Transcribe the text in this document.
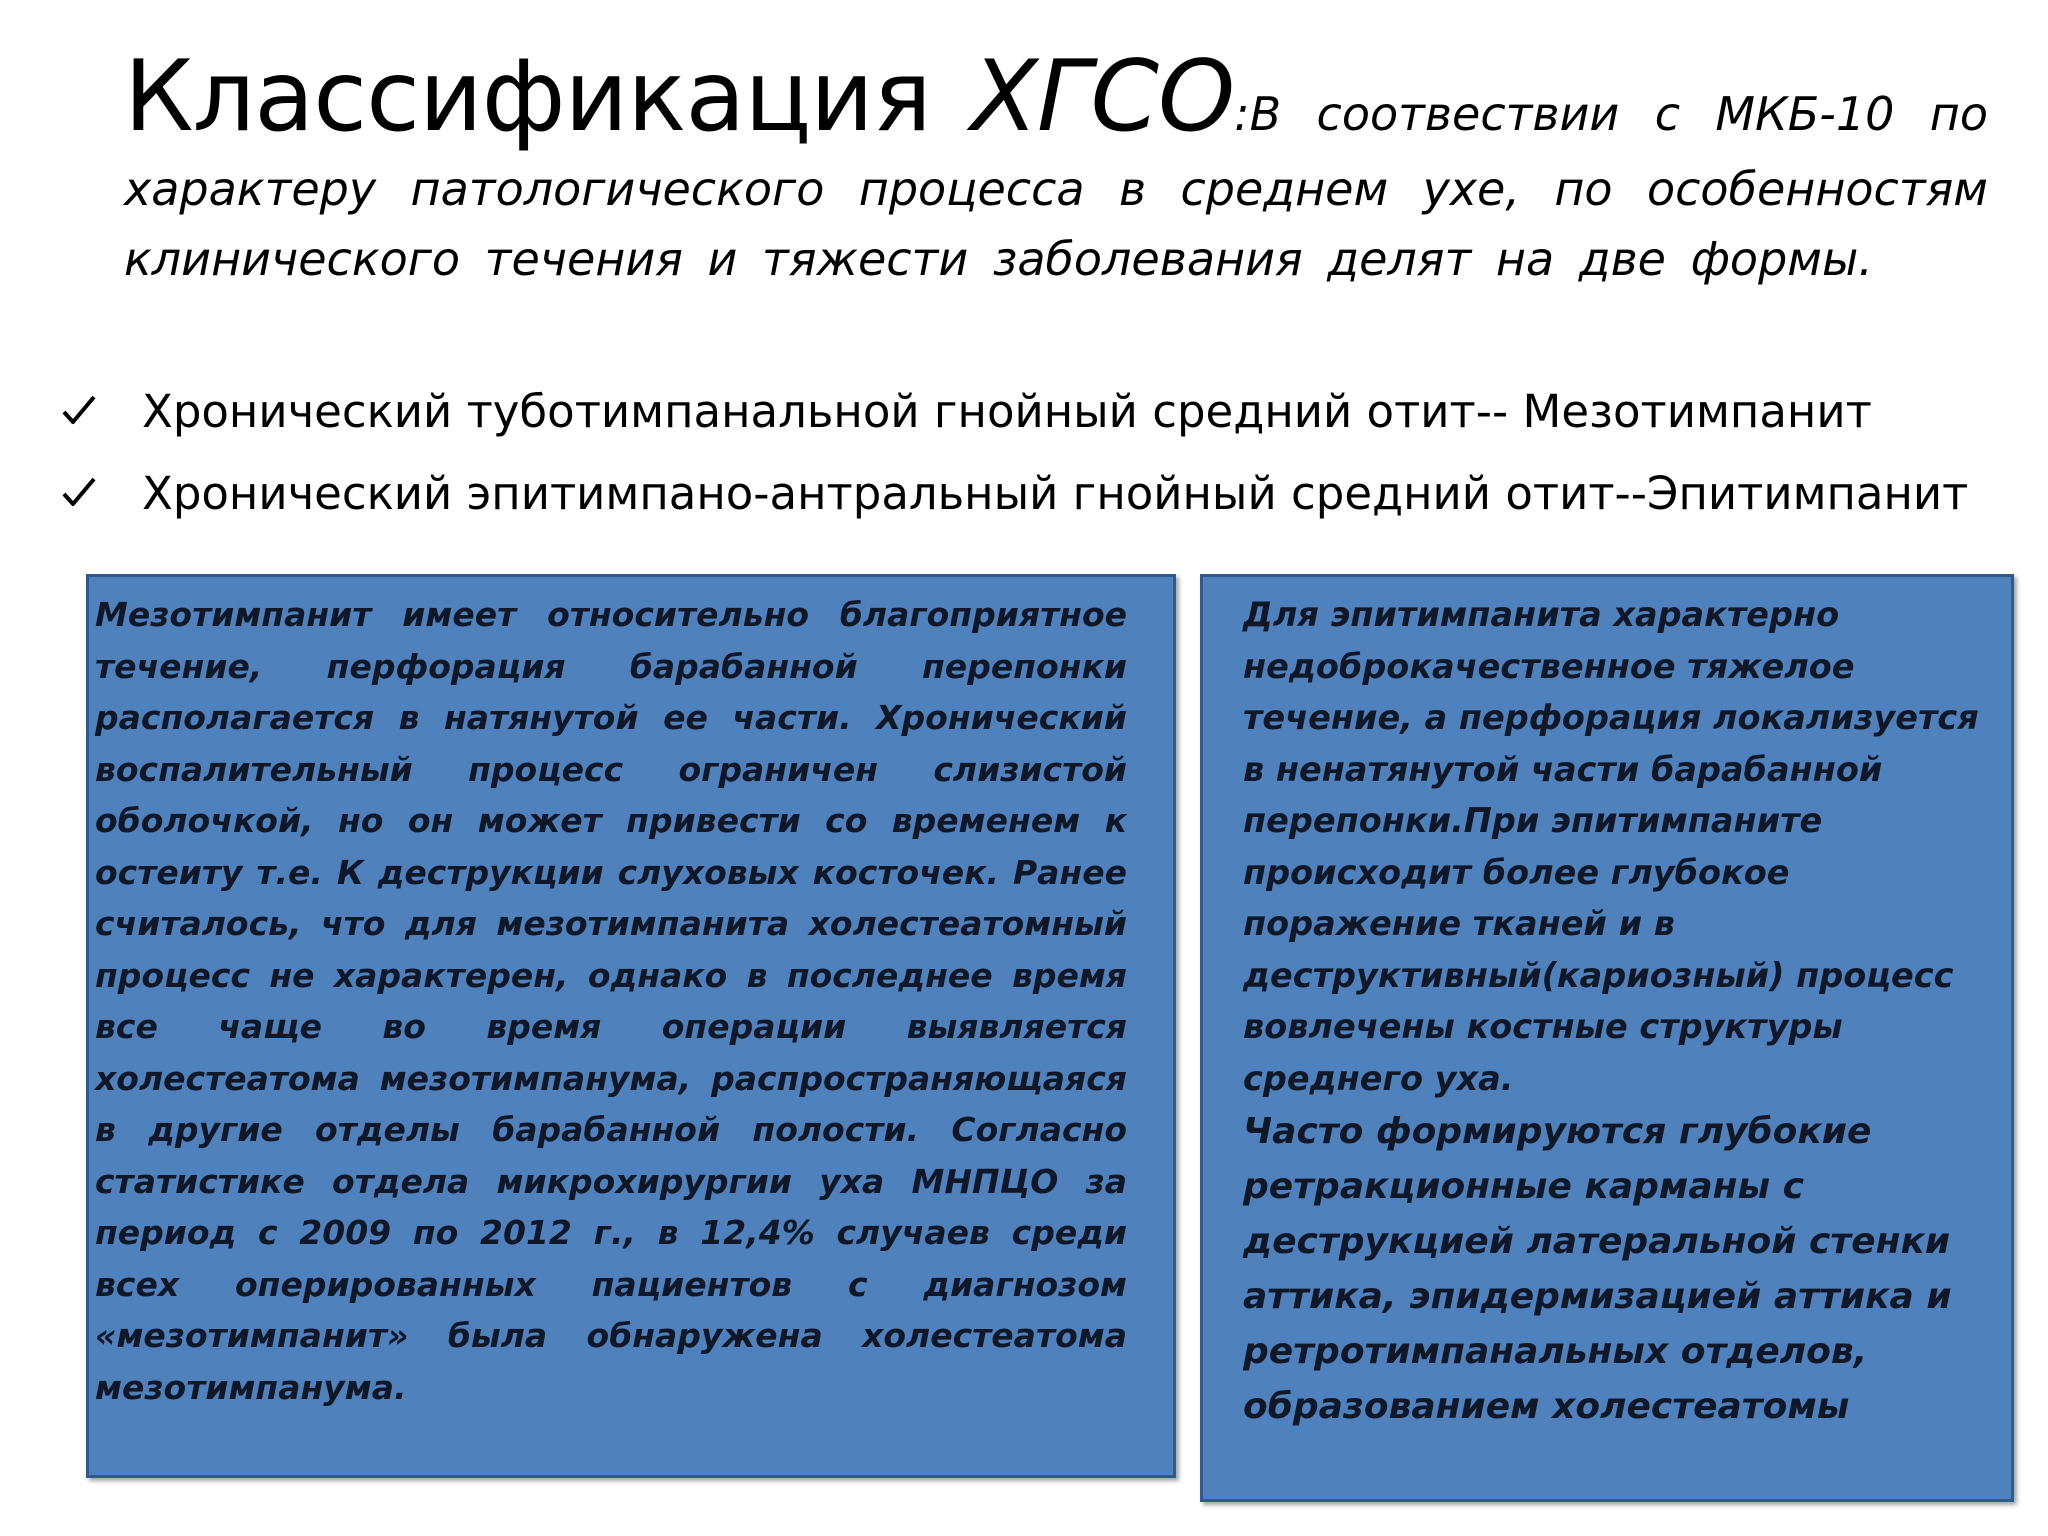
Классификация ХГСО:В соотвествии с МКБ-10 по характеру патологического процесса в среднем ухе, по особенностям клинического течения и тяжести заболевания делят на две формы.
Хронический туботимпанальной гнойный средний отит-- Мезотимпанит
Хронический эпитимпано-антральный гнойный средний отит--Эпитимпанит
Мезотимпанит имеет относительно благоприятное течение, перфорация барабанной перепонки располагается в натянутой ее части. Хронический воспалительный процесс ограничен слизистой оболочкой, но он может привести со временем к остеиту т.е. К деструкции слуховых косточек. Ранее считалось, что для мезотимпанита холестеатомный процесс не характерен, однако в последнее время все чаще во время операции выявляется холестеатома мезотимпанума, распространяющаяся в другие отделы барабанной полости. Согласно статистике отдела микрохирургии уха МНПЦО за период с 2009 по 2012 г., в 12,4% случаев среди всех оперированных пациентов с диагнозом «мезотимпанит» была обнаружена холестеатома мезотимпанума.
Для эпитимпанита характерно недоброкачественное тяжелое течение, а перфорация локализуется в ненатянутой части барабанной перепонки.При эпитимпаните происходит более глубокое поражение тканей и в деструктивный(кариозный) процесс вовлечены костные структуры среднего уха.
Часто формируются глубокие ретракционные карманы с деструкцией латеральной стенки аттика, эпидермизацией аттика и ретротимпанальных отделов, образованием холестеатомы
